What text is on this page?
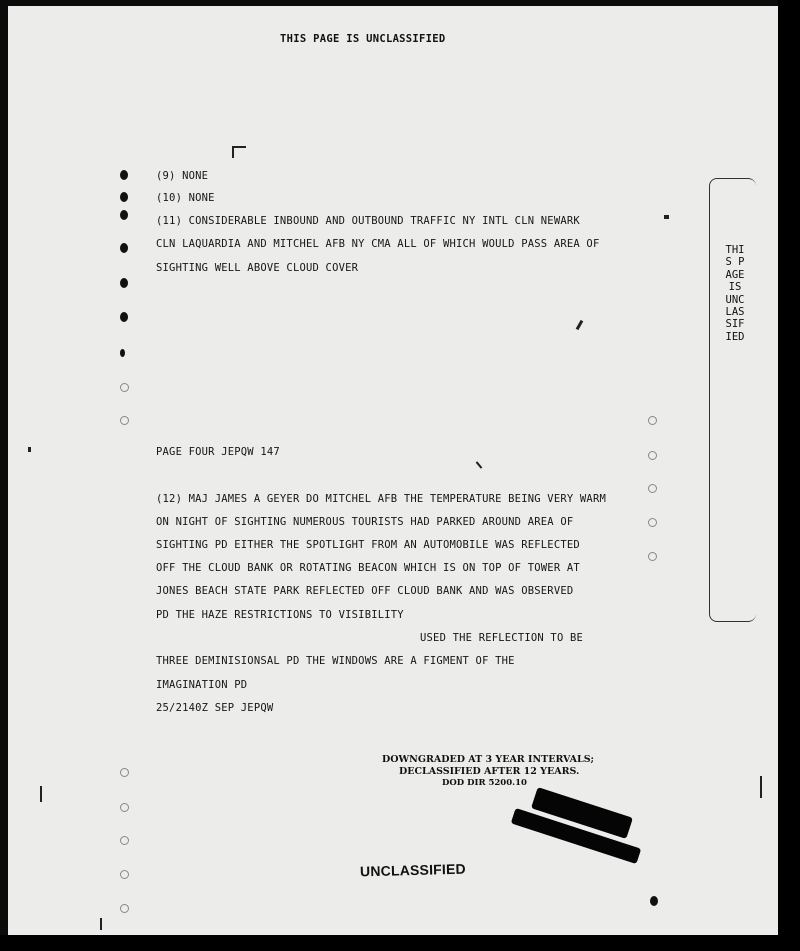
THIS PAGE IS UNCLASSIFIED
(9) NONE
(10) NONE
(11) CONSIDERABLE INBOUND AND OUTBOUND TRAFFIC NY INTL CLN NEWARK
CLN LAQUARDIA AND MITCHEL AFB NY CMA ALL OF WHICH WOULD PASS AREA OF
SIGHTING WELL ABOVE CLOUD COVER
PAGE FOUR JEPQW 147
(12) MAJ JAMES A GEYER DO MITCHEL AFB THE TEMPERATURE BEING VERY WARM
ON NIGHT OF SIGHTING NUMEROUS TOURISTS HAD PARKED AROUND AREA OF
SIGHTING PD EITHER THE SPOTLIGHT FROM AN AUTOMOBILE WAS REFLECTED
OFF THE CLOUD BANK OR ROTATING BEACON WHICH IS ON TOP OF TOWER AT
JONES BEACH STATE PARK REFLECTED OFF CLOUD BANK AND WAS OBSERVED
PD THE HAZE RESTRICTIONS TO VISIBILITY
USED THE REFLECTION TO BE
THREE DEMINISIONSAL PD THE WINDOWS ARE A FIGMENT OF THE
IMAGINATION PD
25/2140Z SEP JEPQW
THIS PAGE IS UNCLASSIFIED
DOWNGRADED AT 3 YEAR INTERVALS;
DECLASSIFIED AFTER 12 YEARS.
DOD DIR 5200.10
UNCLASSIFIED
